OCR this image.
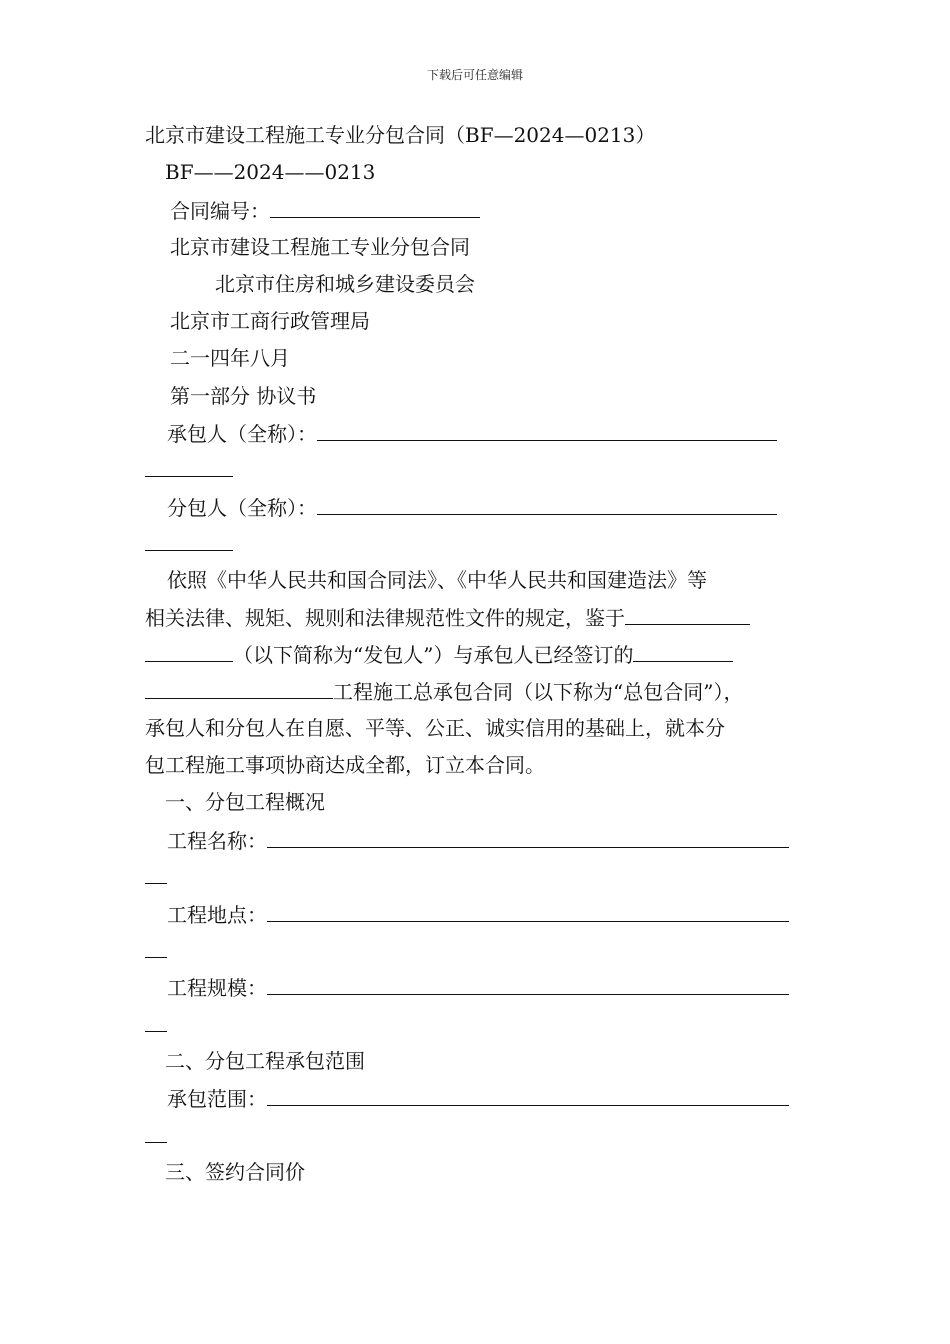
下载后可任意编辑
北京市建设工程施工专业分包合同（BF—2024—0213）
BF——2024——0213
合同编号：
北京市建设工程施工专业分包合同
北京市住房和城乡建设委员会
北京市工商行政管理局
二一四年八月
第一部分 协议书
承包人（全称）：
分包人（全称）：
依照《中华人民共和国合同法》、《中华人民共和国建造法》等
相关法律、规矩、规则和法律规范性文件的规定，鉴于
（以下简称为“发包人”）与承包人已经签订的
工程施工总承包合同（以下称为“总包合同”），
承包人和分包人在自愿、平等、公正、诚实信用的基础上，就本分
包工程施工事项协商达成全都，订立本合同。
一、分包工程概况
工程名称：
工程地点：
工程规模：
二、分包工程承包范围
承包范围：
三、签约合同价
